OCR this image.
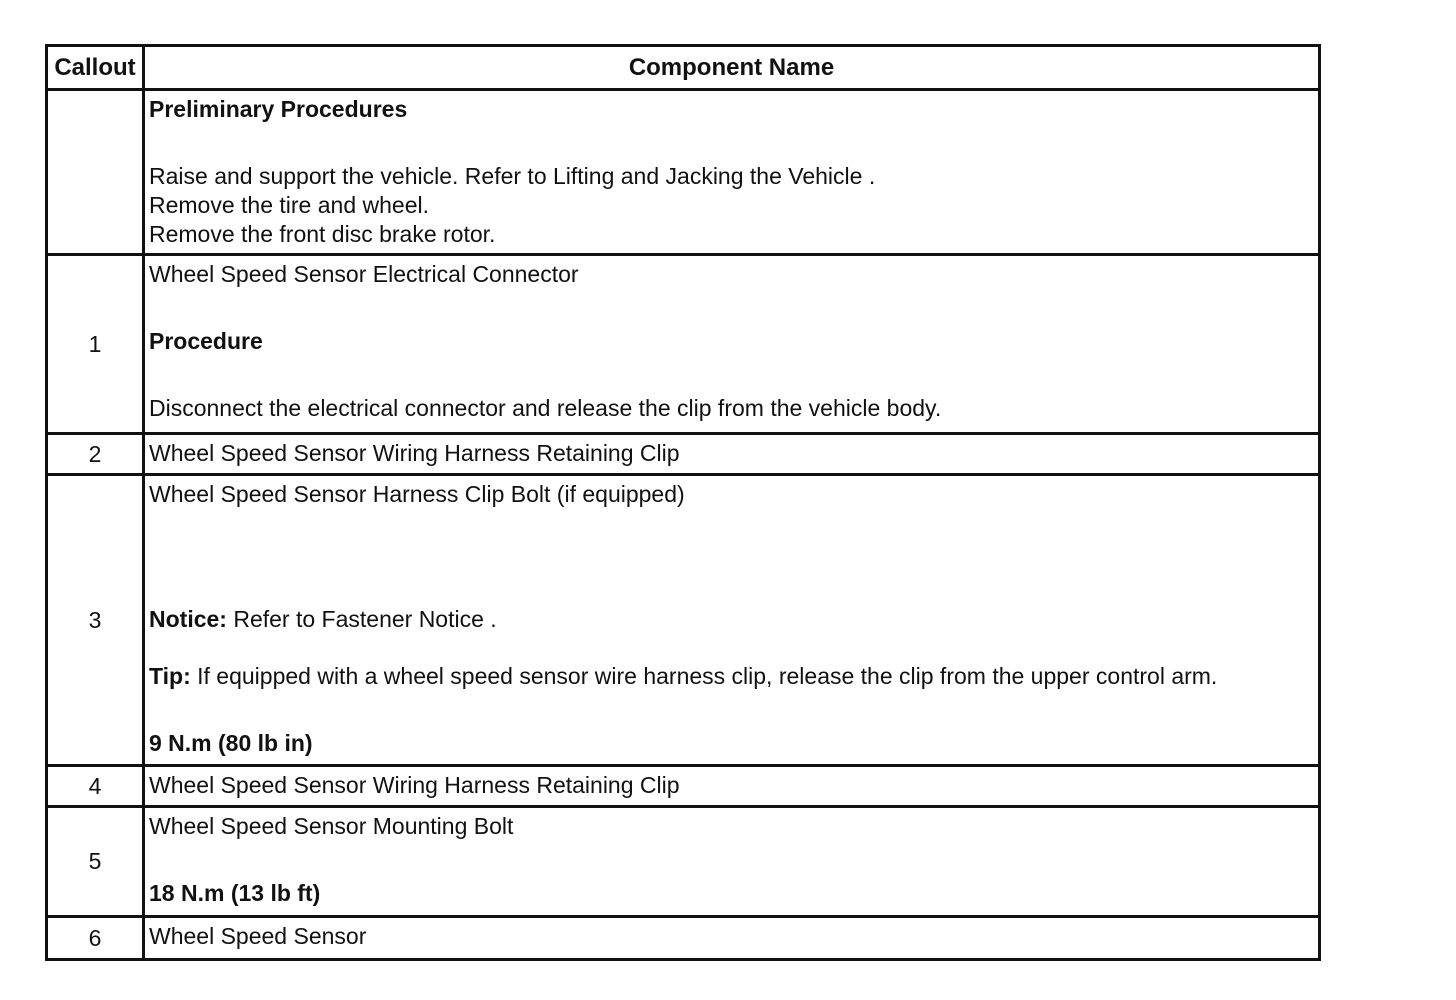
Callout	Component Name

	Preliminary Procedures
Raise and support the vehicle. Refer to Lifting and Jacking the Vehicle .
Remove the tire and wheel.
Remove the front disc brake rotor.

1	Wheel Speed Sensor Electrical Connector
Procedure
Disconnect the electrical connector and release the clip from the vehicle body.

2	Wheel Speed Sensor Wiring Harness Retaining Clip

3	Wheel Speed Sensor Harness Clip Bolt (if equipped)
Notice: Refer to Fastener Notice .
Tip: If equipped with a wheel speed sensor wire harness clip, release the clip from the upper control arm.
9 N.m (80 lb in)

4	Wheel Speed Sensor Wiring Harness Retaining Clip

5	Wheel Speed Sensor Mounting Bolt
18 N.m (13 lb ft)

6	Wheel Speed Sensor
